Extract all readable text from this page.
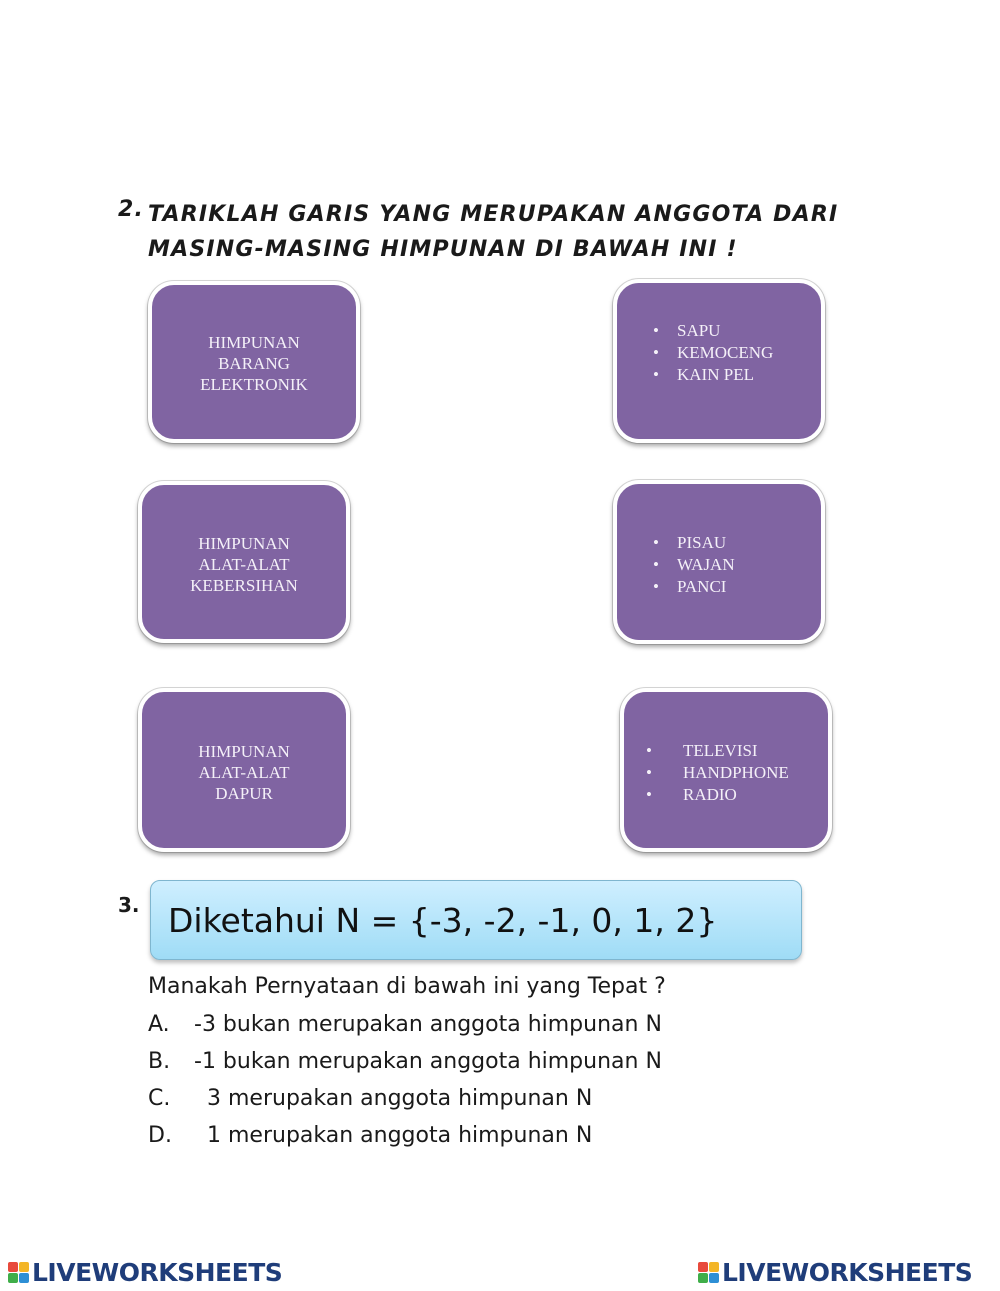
2. TARIKLAH GARIS YANG MERUPAKAN ANGGOTA DARI MASING-MASING HIMPUNAN DI BAWAH INI !
HIMPUNAN
BARANG
ELEKTRONIK
HIMPUNAN
ALAT-ALAT
KEBERSIHAN
HIMPUNAN
ALAT-ALAT
DAPUR
• SAPU
• KEMOCENG
• KAIN PEL
• PISAU
• WAJAN
• PANCI
• TELEVISI
• HANDPHONE
• RADIO
3. Diketahui N = {-3, -2, -1, 0, 1, 2}
Manakah Pernyataan di bawah ini yang Tepat ?
A. -3 bukan merupakan anggota himpunan N
B. -1 bukan merupakan anggota himpunan N
C. 3 merupakan anggota himpunan N
D. 1 merupakan anggota himpunan N
LIVEWORKSHEETS	LIVEWORKSHEETS
